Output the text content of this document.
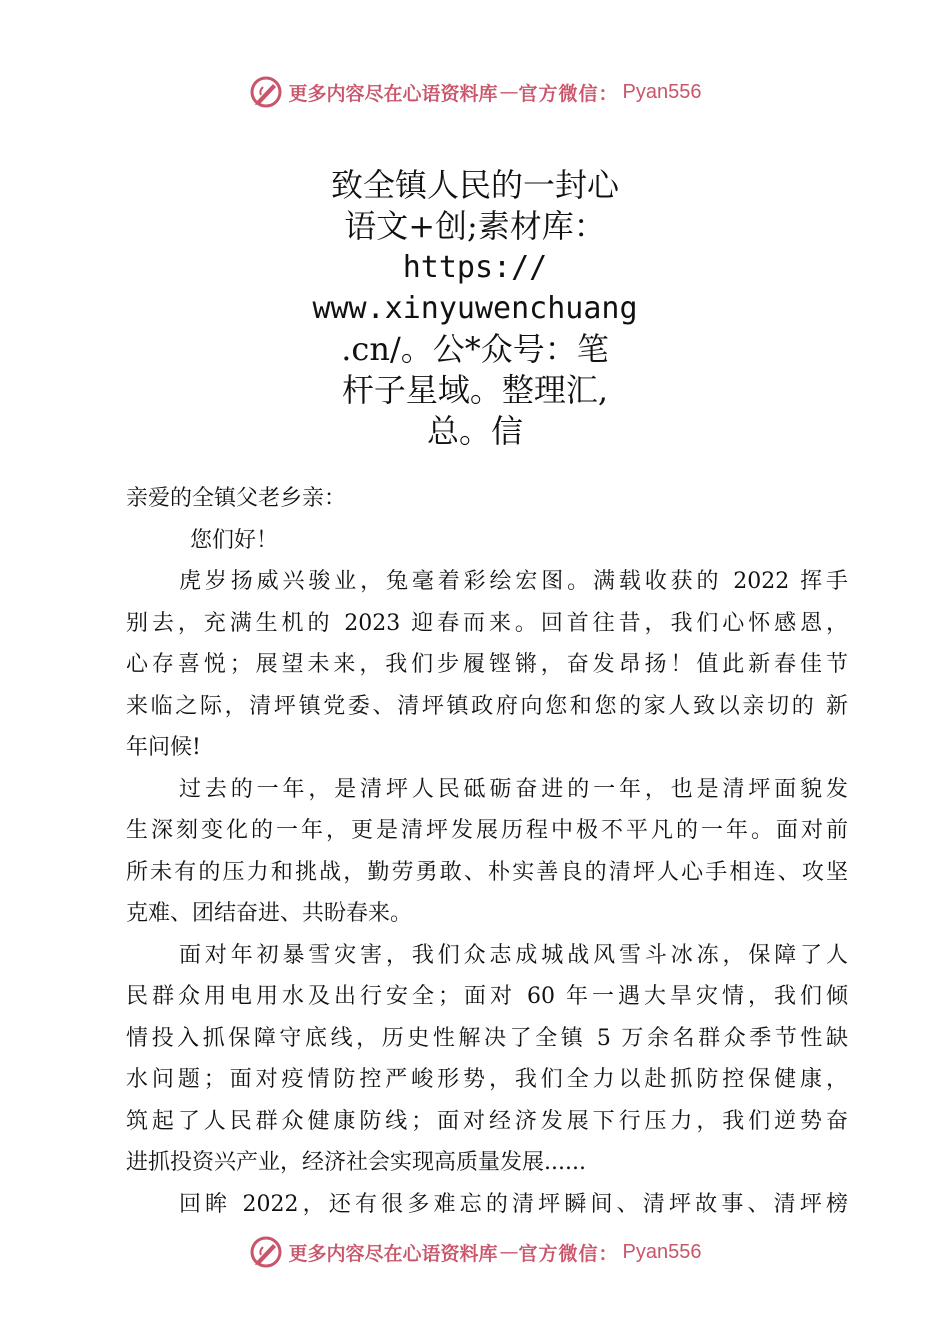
更多内容尽在心语资料库 — 官方微信： Pyan556
致全镇人民的一封心
语文+创;素材库：
https://
www.xinyuwenchuang
.cn/。公*众号：笔
杆子星域。整理汇,
总。信
亲爱的全镇父老乡亲：
您们好！
虎岁扬威兴骏业，兔毫着彩绘宏图。满载收获的 2022 挥手
别去，充满生机的 2023 迎春而来。回首往昔，我们心怀感恩，
心存喜悦；展望未来，我们步履铿锵，奋发昂扬！值此新春佳节
来临之际，清坪镇党委、清坪镇政府向您和您的家人致以亲切的 新
年问候!
过去的一年，是清坪人民砥砺奋进的一年，也是清坪面貌发
生深刻变化的一年，更是清坪发展历程中极不平凡的一年。面对前
所未有的压力和挑战，勤劳勇敢、朴实善良的清坪人心手相连、攻坚
克难、团结奋进、共盼春来。
面对年初暴雪灾害，我们众志成城战风雪斗冰冻，保障了人
民群众用电用水及出行安全；面对 60 年一遇大旱灾情，我们倾
情投入抓保障守底线，历史性解决了全镇 5 万余名群众季节性缺
水问题；面对疫情防控严峻形势，我们全力以赴抓防控保健康，
筑起了人民群众健康防线；面对经济发展下行压力，我们逆势奋
进抓投资兴产业，经济社会实现高质量发展......
回眸 2022，还有很多难忘的清坪瞬间、清坪故事、清坪榜
更多内容尽在心语资料库 — 官方微信： Pyan556
